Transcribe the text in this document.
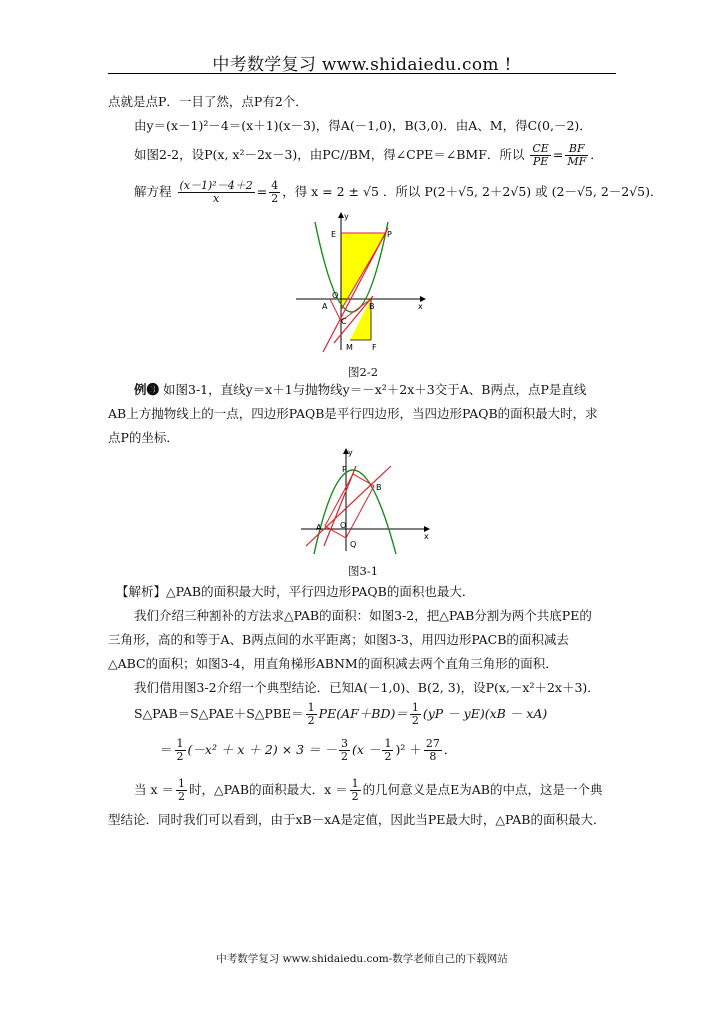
中考数学复习 www.shidaiedu.com !
点就是点P．一目了然，点P有2个．
由y＝(x－1)²－4＝(x＋1)(x－3)，得A(－1,0)，B(3,0)．由A、M，得C(0,－2)．
如图2-2，设P(x, x²－2x－3)，由PC//BM，得∠CPE＝∠BMF．所以 $\frac{CE}{PE} = \frac{BF}{MF}$ ．
解方程 $\frac{\text{(x－1)²－4＋2}}{x} = \frac{4}{2}$ ，得 x = 2 ± √5 ．所以 P(2＋√5, 2＋2√5) 或 (2－√5, 2－2√5)．
y
x
E	P
O
A	B
C
M F
图2-2
例❸ 如图3-1，直线y＝x＋1与抛物线y＝－x²＋2x＋3交于A、B两点，点P是直线
AB上方抛物线上的一点，四边形PAQB是平行四边形，当四边形PAQB的面积最大时，求
点P的坐标．
y
x
P
B
A O
Q
图3-1
【解析】△PAB的面积最大时，平行四边形PAQB的面积也最大．
我们介绍三种割补的方法求△PAB的面积：如图3-2，把△PAB分割为两个共底PE的
三角形，高的和等于A、B两点间的水平距离；如图3-3，用四边形PACB的面积减去
△ABC的面积；如图3-4，用直角梯形ABNM的面积减去两个直角三角形的面积．
我们借用图3-2介绍一个典型结论．已知A(－1,0)、B(2, 3)，设P(x,－x²＋2x＋3)．
S△PAB＝S△PAE＋S△PBE＝ $\frac{1}{2} PE(AF+BD)= \frac{1}{2} (yP - yE)(xB - xA)$
＝ $\frac{1}{2} (-x^2 + x + 2) \times 3$ ＝ － $\frac{3}{2} (x - \frac{1}{2} )^2 + \frac{27}{8}$ ．
当 $x = \frac{1}{2}$ 时，△PAB的面积最大．$x = \frac{1}{2}$ 的几何意义是点E为AB的中点，这是一个典
型结论．同时我们可以看到，由于xB－xA是定值，因此当PE最大时，△PAB的面积最大．
中考数学复习 www.shidaiedu.com-数学老师自己的下载网站
